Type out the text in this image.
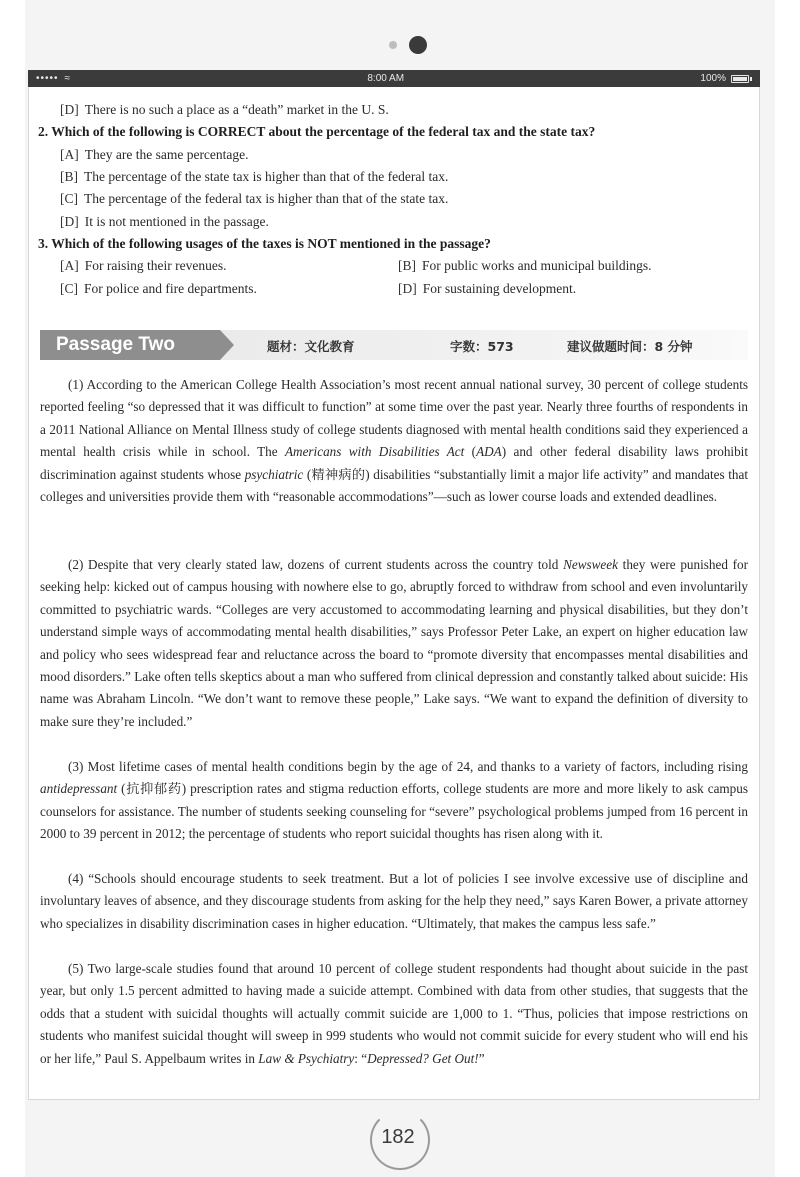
••••• ≈	8:00 AM	100%
[D] There is no such a place as a “death” market in the U. S.
2. Which of the following is CORRECT about the percentage of the federal tax and the state tax?
[A] They are the same percentage.
[B] The percentage of the state tax is higher than that of the federal tax.
[C] The percentage of the federal tax is higher than that of the state tax.
[D] It is not mentioned in the passage.
3. Which of the following usages of the taxes is NOT mentioned in the passage?
[A] For raising their revenues.	[B] For public works and municipal buildings.
[C] For police and fire departments.	[D] For sustaining development.
Passage Two	题材：文化教育	字数：573	建议做题时间：8 分钟
(1) According to the American College Health Association’s most recent annual national survey, 30 percent of college students reported feeling “so depressed that it was difficult to function” at some time over the past year. Nearly three fourths of respondents in a 2011 National Alliance on Mental Illness study of college students diagnosed with mental health conditions said they experienced a mental health crisis while in school. The Americans with Disabilities Act (ADA) and other federal disability laws prohibit discrimination against students whose psychiatric (精神病的) disabilities “substantially limit a major life activity” and mandates that colleges and universities provide them with “reasonable accommodations”—such as lower course loads and extended deadlines.
(2) Despite that very clearly stated law, dozens of current students across the country told Newsweek they were punished for seeking help: kicked out of campus housing with nowhere else to go, abruptly forced to withdraw from school and even involuntarily committed to psychiatric wards. “Colleges are very accustomed to accommodating learning and physical disabilities, but they don’t understand simple ways of accommodating mental health disabilities,” says Professor Peter Lake, an expert on higher education law and policy who sees widespread fear and reluctance across the board to “promote diversity that encompasses mental disabilities and mood disorders.” Lake often tells skeptics about a man who suffered from clinical depression and constantly talked about suicide: His name was Abraham Lincoln. “We don’t want to remove these people,” Lake says. “We want to expand the definition of diversity to make sure they’re included.”
(3) Most lifetime cases of mental health conditions begin by the age of 24, and thanks to a variety of factors, including rising antidepressant (抗抑郁药) prescription rates and stigma reduction efforts, college students are more and more likely to ask campus counselors for assistance. The number of students seeking counseling for “severe” psychological problems jumped from 16 percent in 2000 to 39 percent in 2012; the percentage of students who report suicidal thoughts has risen along with it.
(4) “Schools should encourage students to seek treatment. But a lot of policies I see involve excessive use of discipline and involuntary leaves of absence, and they discourage students from asking for the help they need,” says Karen Bower, a private attorney who specializes in disability discrimination cases in higher education. “Ultimately, that makes the campus less safe.”
(5) Two large-scale studies found that around 10 percent of college student respondents had thought about suicide in the past year, but only 1.5 percent admitted to having made a suicide attempt. Combined with data from other studies, that suggests that the odds that a student with suicidal thoughts will actually commit suicide are 1,000 to 1. “Thus, policies that impose restrictions on students who manifest suicidal thought will sweep in 999 students who would not commit suicide for every student who will end his or her life,” Paul S. Appelbaum writes in Law & Psychiatry: “Depressed? Get Out!”
182
